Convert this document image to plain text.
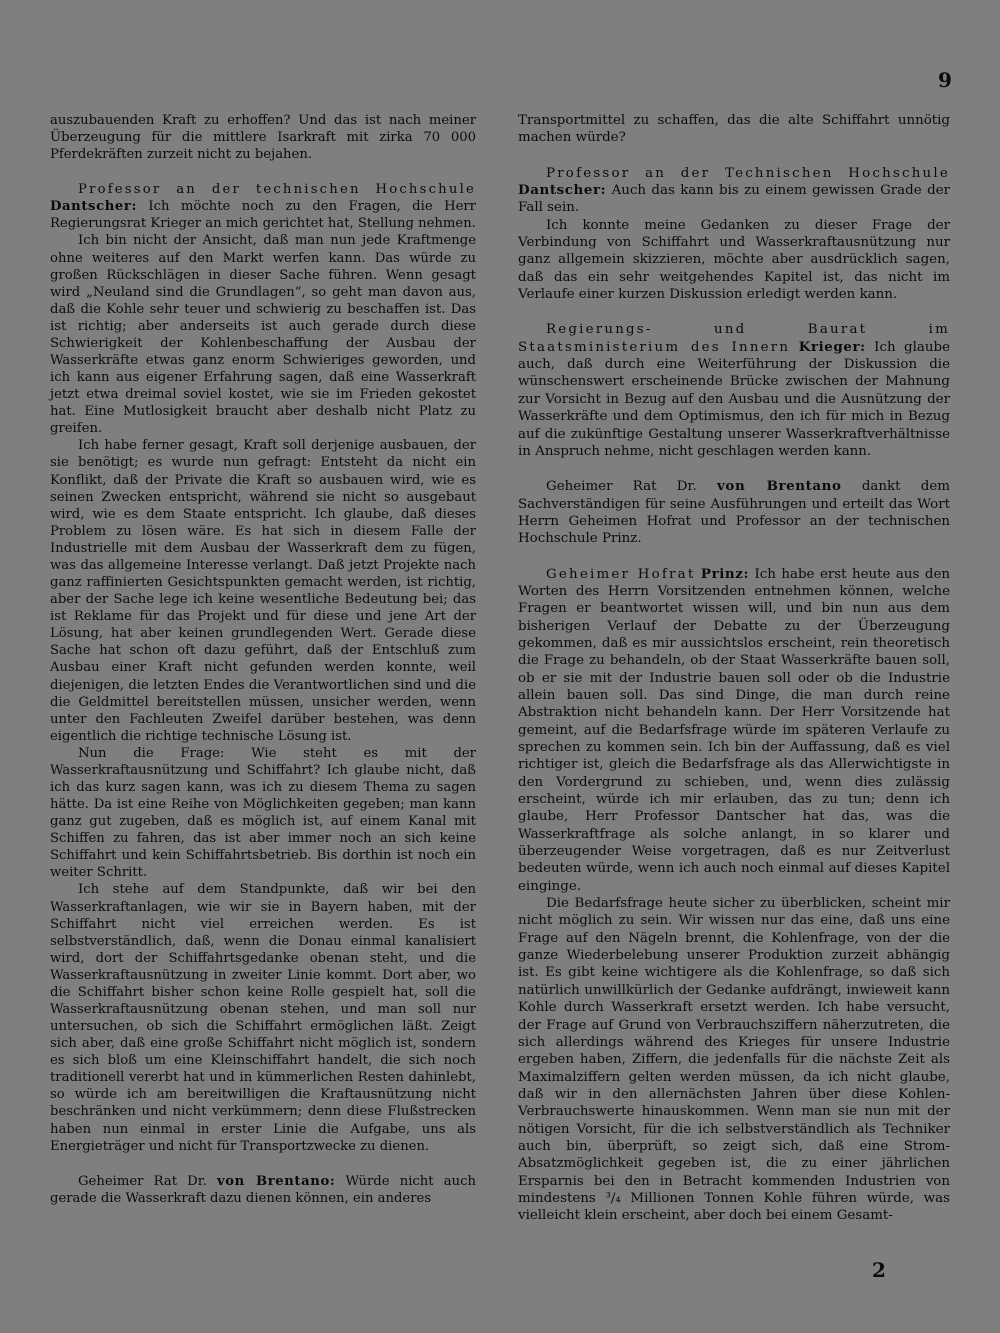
9

auszubauenden Kraft zu erhoffen? Und das ist nach meiner Überzeugung für die mittlere Isarkraft mit zirka 70 000 Pferdekräften zurzeit nicht zu bejahen.

Professor an der technischen Hochschule Dantscher: Ich möchte noch zu den Fragen, die Herr Regierungsrat Krieger an mich gerichtet hat, Stellung nehmen.

Ich bin nicht der Ansicht, daß man nun jede Kraftmenge ohne weiteres auf den Markt werfen kann. Das würde zu großen Rückschlägen in dieser Sache führen. Wenn gesagt wird „Neuland sind die Grundlagen“, so geht man davon aus, daß die Kohle sehr teuer und schwierig zu beschaffen ist. Das ist richtig; aber anderseits ist auch gerade durch diese Schwierigkeit der Kohlenbeschaffung der Ausbau der Wasserkräfte etwas ganz enorm Schwieriges geworden, und ich kann aus eigener Erfahrung sagen, daß eine Wasserkraft jetzt etwa dreimal soviel kostet, wie sie im Frieden gekostet hat. Eine Mutlosigkeit braucht aber deshalb nicht Platz zu greifen.

Ich habe ferner gesagt, Kraft soll derjenige ausbauen, der sie benötigt; es wurde nun gefragt: Entsteht da nicht ein Konflikt, daß der Private die Kraft so ausbauen wird, wie es seinen Zwecken entspricht, während sie nicht so ausgebaut wird, wie es dem Staate entspricht. Ich glaube, daß dieses Problem zu lösen wäre. Es hat sich in diesem Falle der Industrielle mit dem Ausbau der Wasserkraft dem zu fügen, was das allgemeine Interesse verlangt. Daß jetzt Projekte nach ganz raffinierten Gesichtspunkten gemacht werden, ist richtig, aber der Sache lege ich keine wesentliche Bedeutung bei; das ist Reklame für das Projekt und für diese und jene Art der Lösung, hat aber keinen grundlegenden Wert. Gerade diese Sache hat schon oft dazu geführt, daß der Entschluß zum Ausbau einer Kraft nicht gefunden werden konnte, weil diejenigen, die letzten Endes die Verantwortlichen sind und die die Geldmittel bereitstellen müssen, unsicher werden, wenn unter den Fachleuten Zweifel darüber bestehen, was denn eigentlich die richtige technische Lösung ist.

Nun die Frage: Wie steht es mit der Wasserkraftausnützung und Schiffahrt? Ich glaube nicht, daß ich das kurz sagen kann, was ich zu diesem Thema zu sagen hätte. Da ist eine Reihe von Möglichkeiten gegeben; man kann ganz gut zugeben, daß es möglich ist, auf einem Kanal mit Schiffen zu fahren, das ist aber immer noch an sich keine Schiffahrt und kein Schiffahrtsbetrieb. Bis dorthin ist noch ein weiter Schritt.

Ich stehe auf dem Standpunkte, daß wir bei den Wasserkraftanlagen, wie wir sie in Bayern haben, mit der Schiffahrt nicht viel erreichen werden. Es ist selbstverständlich, daß, wenn die Donau einmal kanalisiert wird, dort der Schiffahrtsgedanke obenan steht, und die Wasserkraftausnützung in zweiter Linie kommt. Dort aber, wo die Schiffahrt bisher schon keine Rolle gespielt hat, soll die Wasserkraftausnützung obenan stehen, und man soll nur untersuchen, ob sich die Schiffahrt ermöglichen läßt. Zeigt sich aber, daß eine große Schiffahrt nicht möglich ist, sondern es sich bloß um eine Kleinschiffahrt handelt, die sich noch traditionell vererbt hat und in kümmerlichen Resten dahinlebt, so würde ich am bereitwilligen die Kraftausnützung nicht beschränken und nicht verkümmern; denn diese Flußstrecken haben nun einmal in erster Linie die Aufgabe, uns als Energieträger und nicht für Transportzwecke zu dienen.

Geheimer Rat Dr. von Brentano: Würde nicht auch gerade die Wasserkraft dazu dienen können, ein anderes

Transportmittel zu schaffen, das die alte Schiffahrt unnötig machen würde?

Professor an der Technischen Hochschule Dantscher: Auch das kann bis zu einem gewissen Grade der Fall sein.

Ich konnte meine Gedanken zu dieser Frage der Verbindung von Schiffahrt und Wasserkraftausnützung nur ganz allgemein skizzieren, möchte aber ausdrücklich sagen, daß das ein sehr weitgehendes Kapitel ist, das nicht im Verlaufe einer kurzen Diskussion erledigt werden kann.

Regierungs- und Baurat im Staatsministerium des Innern Krieger: Ich glaube auch, daß durch eine Weiterführung der Diskussion die wünschenswert erscheinende Brücke zwischen der Mahnung zur Vorsicht in Bezug auf den Ausbau und die Ausnützung der Wasserkräfte und dem Optimismus, den ich für mich in Bezug auf die zukünftige Gestaltung unserer Wasserkraftverhältnisse in Anspruch nehme, nicht geschlagen werden kann.

Geheimer Rat Dr. von Brentano dankt dem Sachverständigen für seine Ausführungen und erteilt das Wort Herrn Geheimen Hofrat und Professor an der technischen Hochschule Prinz.

Geheimer Hofrat Prinz: Ich habe erst heute aus den Worten des Herrn Vorsitzenden entnehmen können, welche Fragen er beantwortet wissen will, und bin nun aus dem bisherigen Verlauf der Debatte zu der Überzeugung gekommen, daß es mir aussichtslos erscheint, rein theoretisch die Frage zu behandeln, ob der Staat Wasserkräfte bauen soll, ob er sie mit der Industrie bauen soll oder ob die Industrie allein bauen soll. Das sind Dinge, die man durch reine Abstraktion nicht behandeln kann. Der Herr Vorsitzende hat gemeint, auf die Bedarfsfrage würde im späteren Verlaufe zu sprechen zu kommen sein. Ich bin der Auffassung, daß es viel richtiger ist, gleich die Bedarfsfrage als das Allerwichtigste in den Vordergrund zu schieben, und, wenn dies zulässig erscheint, würde ich mir erlauben, das zu tun; denn ich glaube, Herr Professor Dantscher hat das, was die Wasserkraftfrage als solche anlangt, in so klarer und überzeugender Weise vorgetragen, daß es nur Zeitverlust bedeuten würde, wenn ich auch noch einmal auf dieses Kapitel einginge.

Die Bedarfsfrage heute sicher zu überblicken, scheint mir nicht möglich zu sein. Wir wissen nur das eine, daß uns eine Frage auf den Nägeln brennt, die Kohlenfrage, von der die ganze Wiederbelebung unserer Produktion zurzeit abhängig ist. Es gibt keine wichtigere als die Kohlenfrage, so daß sich natürlich unwillkürlich der Gedanke aufdrängt, inwieweit kann Kohle durch Wasserkraft ersetzt werden. Ich habe versucht, der Frage auf Grund von Verbrauchsziffern näherzutreten, die sich allerdings während des Krieges für unsere Industrie ergeben haben, Ziffern, die jedenfalls für die nächste Zeit als Maximalziffern gelten werden müssen, da ich nicht glaube, daß wir in den allernächsten Jahren über diese Kohlen-Verbrauchswerte hinauskommen. Wenn man sie nun mit der nötigen Vorsicht, für die ich selbstverständlich als Techniker auch bin, überprüft, so zeigt sich, daß eine Strom-Absatzmöglichkeit gegeben ist, die zu einer jährlichen Ersparnis bei den in Betracht kommenden Industrien von mindestens ³/₄ Millionen Tonnen Kohle führen würde, was vielleicht klein erscheint, aber doch bei einem Gesamt-

2
